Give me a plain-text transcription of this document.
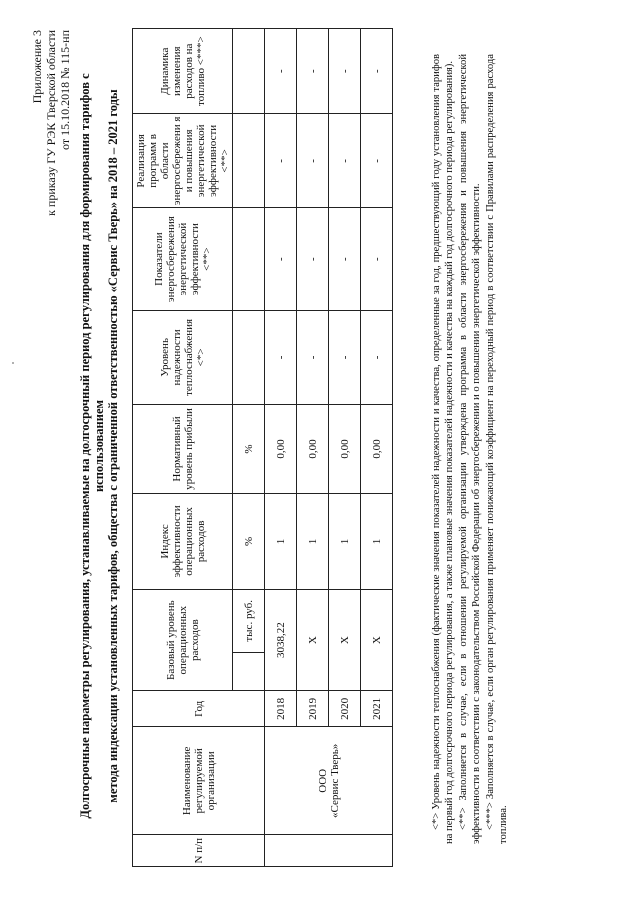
Приложение 3 к приказу ГУ РЭК Тверской области от 15.10.2018 № 115-нп Долгосрочные параметры регулирования, устанавливаемые на долгосрочный период регулирования для формирования тарифов с использованием метода индексации установленных тарифов, общества с ограниченной ответственностью «Сервис Тверь» на 2018 – 2021 годы
N п/п	Наименование регулируемой организации	Год	Базовый уровень операционных расходов		Индекс эффективности операционных расходов	Нормативный уровень прибыли	Уровень надежности теплоснабжения <*>	Показатели энергосбережения энергетической эффективности <**>	Реализация программ в области энергосбережени я и повышения энергетической эффективности <**>	Динамика изменения расходов на топливо <***>
				тыс. руб.	%	%				

	ООО «Сервис Тверь»	2018	3038,22		1	0,00	-	-	-	-
		2019	X		1	0,00	-	-	-	-
		2020	X		1	0,00	-	-	-	-
		2021	X		1	0,00	-	-	-	-	<*> Уровень надежности теплоснабжения (фактические значения показателей надежности и качества, определенные за год, предшествующий году установления тарифов на первый год долгосрочного периода регулирования, а также плановые значения показателей надежности и качества на каждый год долгосрочного периода регулирования). <**> Заполняется в случае, если в отношении регулируемой организации утверждена программа в области энергосбережения и повышения энергетической эффективности в соответствии с законодательством Российской Федерации об энергосбережении и о повышении энергетической эффективности. <***> Заполняется в случае, если орган регулирования применяет понижающий коэффициент на переходный период в соответствии с Правилами распределения расхода топлива.
